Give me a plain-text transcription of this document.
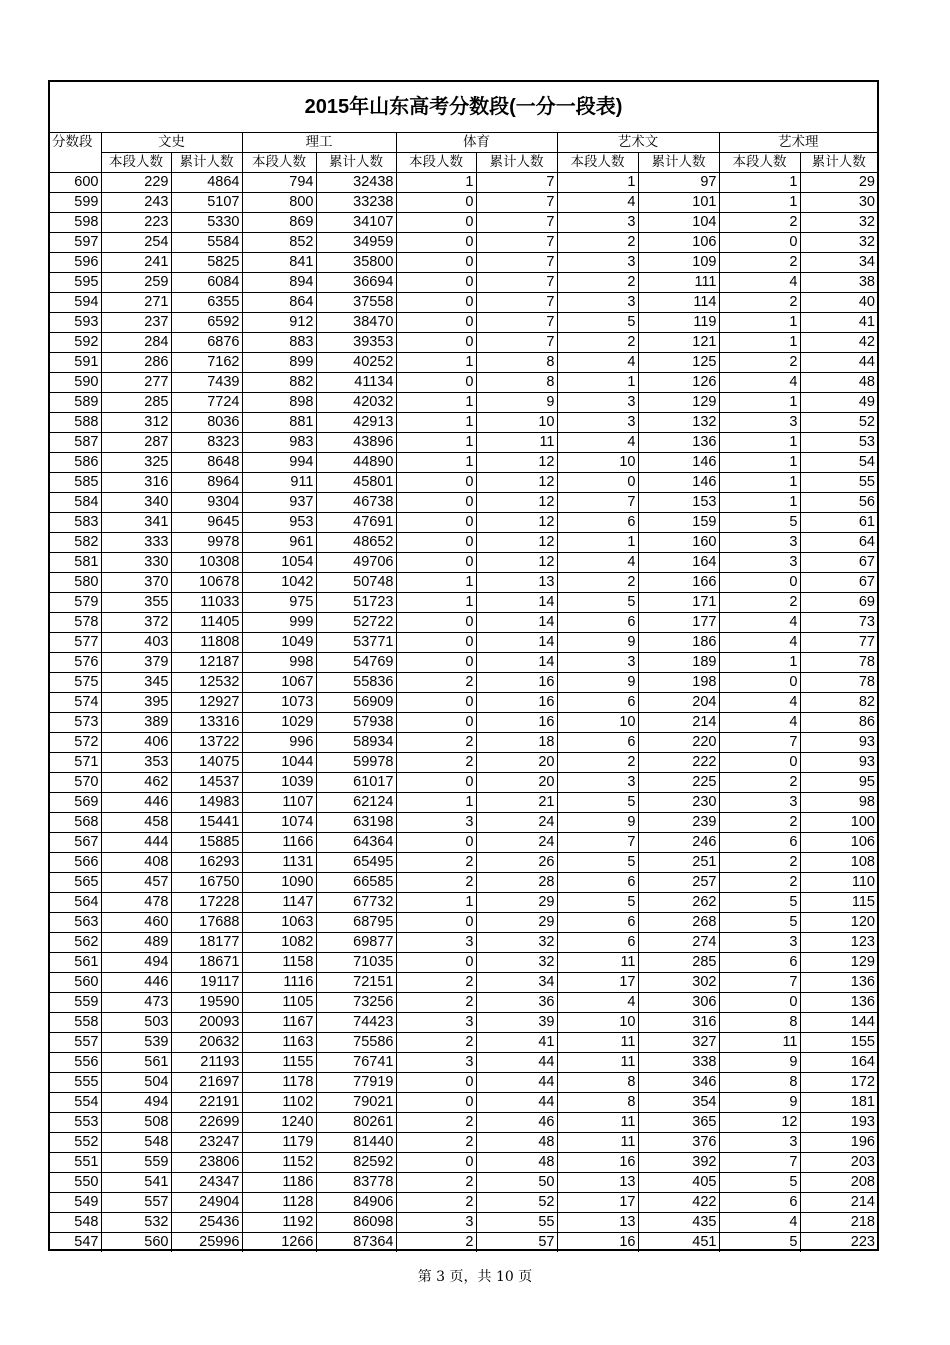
2015年山东高考分数段(一分一段表)
分数段	文史		理工		体育		艺术文		艺术理	
	本段人数	累计人数	本段人数	累计人数	本段人数	累计人数	本段人数	累计人数	本段人数	累计人数
600	229	4864	794	32438	1	7	1	97	1	29
599	243	5107	800	33238	0	7	4	101	1	30
598	223	5330	869	34107	0	7	3	104	2	32
597	254	5584	852	34959	0	7	2	106	0	32
596	241	5825	841	35800	0	7	3	109	2	34
595	259	6084	894	36694	0	7	2	111	4	38
594	271	6355	864	37558	0	7	3	114	2	40
593	237	6592	912	38470	0	7	5	119	1	41
592	284	6876	883	39353	0	7	2	121	1	42
591	286	7162	899	40252	1	8	4	125	2	44
590	277	7439	882	41134	0	8	1	126	4	48
589	285	7724	898	42032	1	9	3	129	1	49
588	312	8036	881	42913	1	10	3	132	3	52
587	287	8323	983	43896	1	11	4	136	1	53
586	325	8648	994	44890	1	12	10	146	1	54
585	316	8964	911	45801	0	12	0	146	1	55
584	340	9304	937	46738	0	12	7	153	1	56
583	341	9645	953	47691	0	12	6	159	5	61
582	333	9978	961	48652	0	12	1	160	3	64
581	330	10308	1054	49706	0	12	4	164	3	67
580	370	10678	1042	50748	1	13	2	166	0	67
579	355	11033	975	51723	1	14	5	171	2	69
578	372	11405	999	52722	0	14	6	177	4	73
577	403	11808	1049	53771	0	14	9	186	4	77
576	379	12187	998	54769	0	14	3	189	1	78
575	345	12532	1067	55836	2	16	9	198	0	78
574	395	12927	1073	56909	0	16	6	204	4	82
573	389	13316	1029	57938	0	16	10	214	4	86
572	406	13722	996	58934	2	18	6	220	7	93
571	353	14075	1044	59978	2	20	2	222	0	93
570	462	14537	1039	61017	0	20	3	225	2	95
569	446	14983	1107	62124	1	21	5	230	3	98
568	458	15441	1074	63198	3	24	9	239	2	100
567	444	15885	1166	64364	0	24	7	246	6	106
566	408	16293	1131	65495	2	26	5	251	2	108
565	457	16750	1090	66585	2	28	6	257	2	110
564	478	17228	1147	67732	1	29	5	262	5	115
563	460	17688	1063	68795	0	29	6	268	5	120
562	489	18177	1082	69877	3	32	6	274	3	123
561	494	18671	1158	71035	0	32	11	285	6	129
560	446	19117	1116	72151	2	34	17	302	7	136
559	473	19590	1105	73256	2	36	4	306	0	136
558	503	20093	1167	74423	3	39	10	316	8	144
557	539	20632	1163	75586	2	41	11	327	11	155
556	561	21193	1155	76741	3	44	11	338	9	164
555	504	21697	1178	77919	0	44	8	346	8	172
554	494	22191	1102	79021	0	44	8	354	9	181
553	508	22699	1240	80261	2	46	11	365	12	193
552	548	23247	1179	81440	2	48	11	376	3	196
551	559	23806	1152	82592	0	48	16	392	7	203
550	541	24347	1186	83778	2	50	13	405	5	208
549	557	24904	1128	84906	2	52	17	422	6	214
548	532	25436	1192	86098	3	55	13	435	4	218
547	560	25996	1266	87364	2	57	16	451	5	223
第 3 页，共 10 页
